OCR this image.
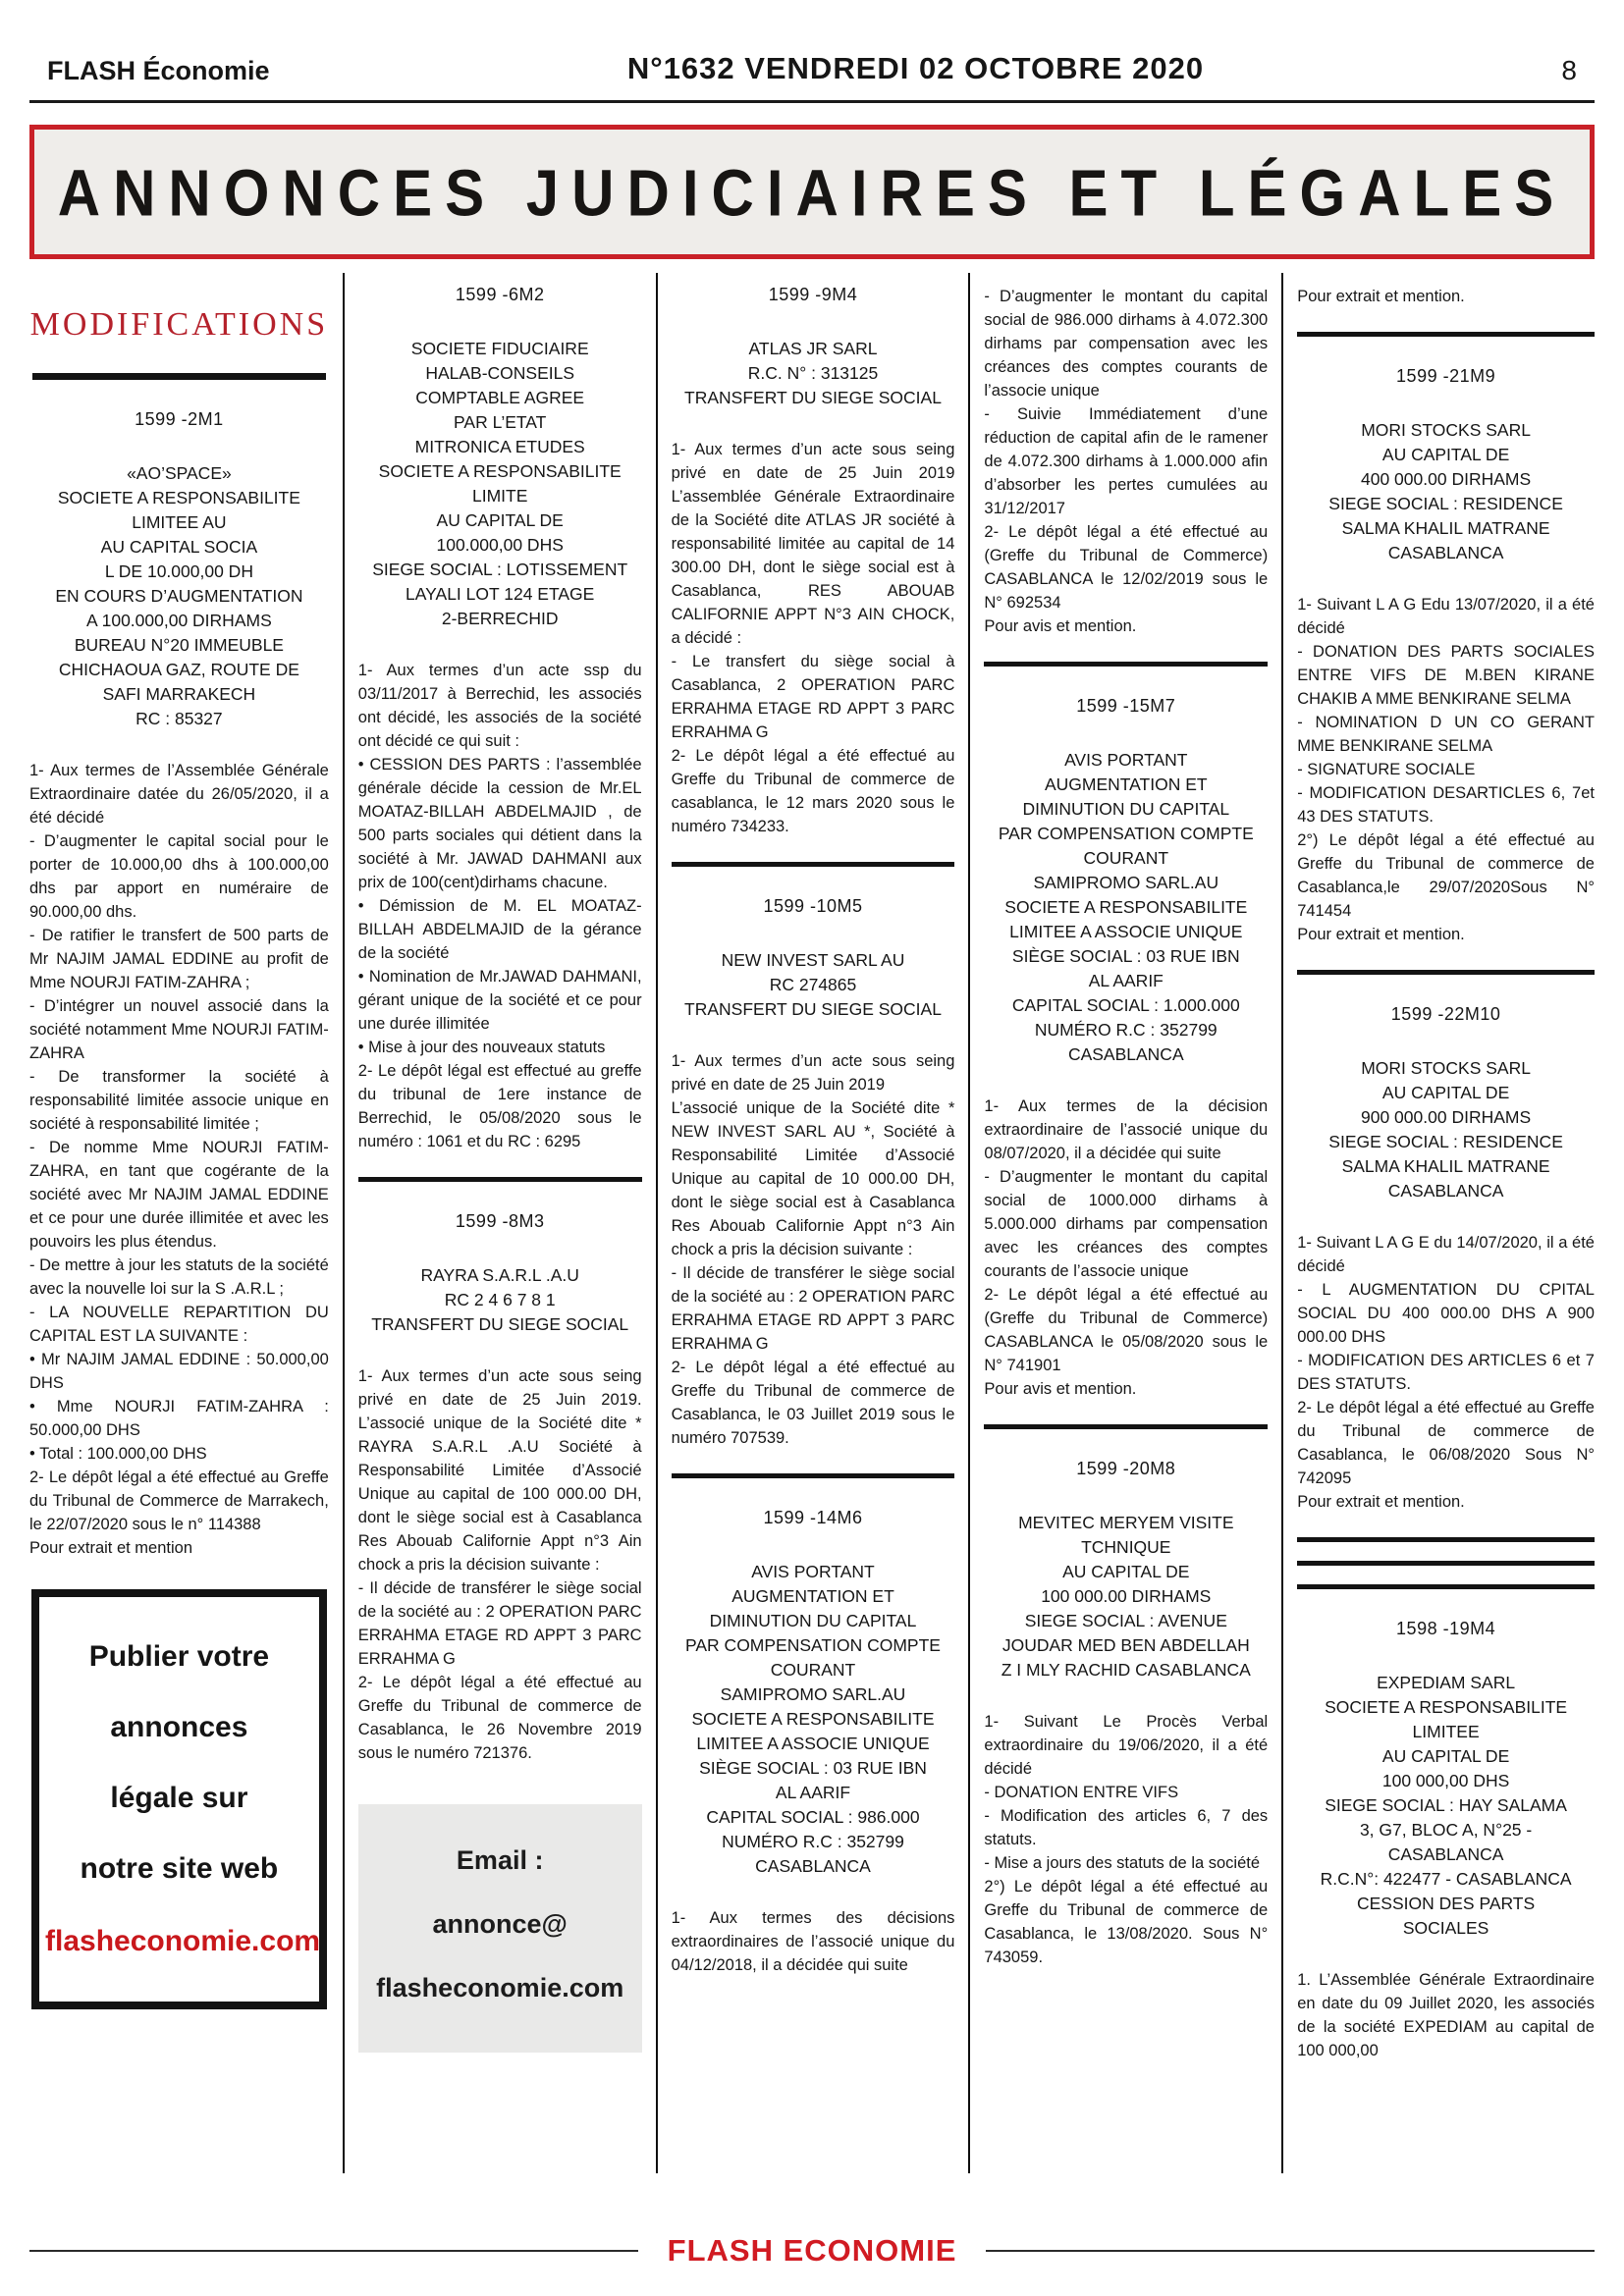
FLASH Économie	N°1632 VENDREDI 02 OCTOBRE 2020	8
ANNONCES JUDICIAIRES ET LÉGALES
MODIFICATIONS
1599 -2M1
«AO’SPACE»
SOCIETE A RESPONSABILITE
LIMITEE AU
AU CAPITAL SOCIA
L DE 10.000,00 DH
EN COURS D’AUGMENTATION
A 100.000,00 DIRHAMS
BUREAU N°20 IMMEUBLE
CHICHAOUA GAZ, ROUTE DE
SAFI MARRAKECH
RC : 85327

1- Aux termes de l’Assemblée Générale Extraordinaire datée du 26/05/2020, il a été décidé

- D’augmenter le capital social pour le porter de 10.000,00 dhs à 100.000,00 dhs par apport en numéraire de 90.000,00 dhs.

- De ratifier le transfert de 500 parts de Mr NAJIM JAMAL EDDINE au profit de Mme NOURJI FATIM-ZAHRA ;

- D’intégrer un nouvel associé dans la société notamment Mme NOURJI FATIM-ZAHRA

- De transformer la société à responsabilité limitée associe unique en société à responsabilité limitée ;

- De nomme Mme NOURJI FATIM-ZAHRA, en tant que cogérante de la société avec Mr NAJIM JAMAL EDDINE et ce pour une durée illimitée et avec les pouvoirs les plus étendus.

- De mettre à jour les statuts de la société avec la nouvelle loi sur la S .A.R.L ;

- LA NOUVELLE REPARTITION DU CAPITAL EST LA SUIVANTE :

• Mr NAJIM JAMAL EDDINE : 50.000,00 DHS

• Mme NOURJI FATIM-ZAHRA : 50.000,00 DHS

• Total : 100.000,00 DHS

2- Le dépôt légal a été effectué au Greffe du Tribunal de Commerce de Marrakech, le 22/07/2020 sous le n° 114388

Pour extrait et mention

Publier votre
annonces
légale sur
notre site web
flasheconomie.com
1599 -6M2
SOCIETE FIDUCIAIRE
HALAB-CONSEILS
COMPTABLE AGREE
PAR L’ETAT
MITRONICA ETUDES
SOCIETE A RESPONSABILITE
LIMITE
AU CAPITAL DE
100.000,00 DHS
SIEGE SOCIAL : LOTISSEMENT
LAYALI LOT 124 ETAGE
2-BERRECHID

1- Aux termes d’un acte ssp du 03/11/2017 à Berrechid, les associés ont décidé, les associés de la société ont décidé ce qui suit :

• CESSION DES PARTS : l’assemblée générale décide la cession de Mr.EL MOATAZ-BILLAH ABDELMAJID , de 500 parts sociales qui détient dans la société à Mr. JAWAD DAHMANI aux prix de 100(cent)dirhams chacune.

• Démission de M. EL MOATAZ-BILLAH ABDELMAJID de la gérance de la société

• Nomination de Mr.JAWAD DAHMANI, gérant unique de la société et ce pour une durée illimitée

• Mise à jour des nouveaux statuts

2- Le dépôt légal est effectué au greffe du tribunal de 1ere instance de Berrechid, le 05/08/2020 sous le numéro : 1061 et du RC : 6295

1599 -8M3
RAYRA S.A.R.L .A.U
RC 2 4 6 7 8 1
TRANSFERT DU SIEGE SOCIAL

1- Aux termes d’un acte sous seing privé en date de 25 Juin 2019. L’associé unique de la Société dite * RAYRA S.A.R.L .A.U Société à Responsabilité Limitée d’Associé Unique au capital de 100 000.00 DH, dont le siège social est à Casablanca Res Abouab Californie Appt n°3 Ain chock a pris la décision suivante :

- Il décide de transférer le siège social de la société au : 2 OPERATION PARC ERRAHMA ETAGE RD APPT 3 PARC ERRAHMA G

2- Le dépôt légal a été effectué au Greffe du Tribunal de commerce de Casablanca, le 26 Novembre 2019 sous le numéro 721376.

Email :
annonce@
flasheconomie.com
1599 -9M4
ATLAS JR SARL
R.C. N° : 313125
TRANSFERT DU SIEGE SOCIAL

1- Aux termes d’un acte sous seing privé en date de 25 Juin 2019 L’assemblée Générale Extraordinaire de la Société dite ATLAS JR société à responsabilité limitée au capital de 14 300.00 DH, dont le siège social est à Casablanca, RES ABOUAB CALIFORNIE APPT N°3 AIN CHOCK, a décidé :

- Le transfert du siège social à Casablanca, 2 OPERATION PARC ERRAHMA ETAGE RD APPT 3 PARC ERRAHMA G

2- Le dépôt légal a été effectué au Greffe du Tribunal de commerce de casablanca, le 12 mars 2020 sous le numéro 734233.

1599 -10M5
NEW INVEST SARL AU
RC 274865
TRANSFERT DU SIEGE SOCIAL

1- Aux termes d’un acte sous seing privé en date de 25 Juin 2019

L’associé unique de la Société dite * NEW INVEST SARL AU *, Société à Responsabilité Limitée d’Associé Unique au capital de 10 000.00 DH, dont le siège social est à Casablanca Res Abouab Californie Appt n°3 Ain chock a pris la décision suivante :

- Il décide de transférer le siège social de la société au : 2 OPERATION PARC ERRAHMA ETAGE RD APPT 3 PARC ERRAHMA G

2- Le dépôt légal a été effectué au Greffe du Tribunal de commerce de Casablanca, le 03 Juillet 2019 sous le numéro 707539.

1599 -14M6
AVIS PORTANT
AUGMENTATION ET
DIMINUTION DU CAPITAL
PAR COMPENSATION COMPTE
COURANT
SAMIPROMO SARL.AU
SOCIETE A RESPONSABILITE
LIMITEE A ASSOCIE UNIQUE
SIÈGE SOCIAL : 03 RUE IBN
AL AARIF
CAPITAL SOCIAL : 986.000
NUMÉRO R.C : 352799
CASABLANCA

1- Aux termes des décisions extraordinaires de l’associé unique du 04/12/2018, il a décidée qui suite

- D’augmenter le montant du capital social de 986.000 dirhams à 4.072.300 dirhams par compensation avec les créances des comptes courants de l’associe unique

- Suivie Immédiatement d’une réduction de capital afin de le ramener de 4.072.300 dirhams à 1.000.000 afin d’absorber les pertes cumulées au 31/12/2017

2- Le dépôt légal a été effectué au (Greffe du Tribunal de Commerce) CASABLANCA le 12/02/2019 sous le N° 692534

Pour avis et mention.

1599 -15M7
AVIS PORTANT
AUGMENTATION ET
DIMINUTION DU CAPITAL
PAR COMPENSATION COMPTE
COURANT
SAMIPROMO SARL.AU
SOCIETE A RESPONSABILITE
LIMITEE A ASSOCIE UNIQUE
SIÈGE SOCIAL : 03 RUE IBN
AL AARIF
CAPITAL SOCIAL : 1.000.000
NUMÉRO R.C : 352799
CASABLANCA

1- Aux termes de la décision extraordinaire de l’associé unique du 08/07/2020, il a décidée qui suite

- D’augmenter le montant du capital social de 1000.000 dirhams à 5.000.000 dirhams par compensation avec les créances des comptes courants de l’associe unique

2- Le dépôt légal a été effectué au (Greffe du Tribunal de Commerce) CASABLANCA le 05/08/2020 sous le N° 741901

Pour avis et mention.

1599 -20M8
MEVITEC MERYEM VISITE
TCHNIQUE
AU CAPITAL DE
100 000.00 DIRHAMS
SIEGE SOCIAL : AVENUE
JOUDAR MED BEN ABDELLAH
Z I MLY RACHID CASABLANCA

1- Suivant Le Procès Verbal extraordinaire du 19/06/2020, il a été décidé

- DONATION ENTRE VIFS

- Modification des articles 6, 7 des statuts.

- Mise a jours des statuts de la société

2°) Le dépôt légal a été effectué au Greffe du Tribunal de commerce de Casablanca, le 13/08/2020. Sous N° 743059.

Pour extrait et mention.

1599 -21M9
MORI STOCKS SARL
AU CAPITAL DE
400 000.00 DIRHAMS
SIEGE SOCIAL : RESIDENCE
SALMA KHALIL MATRANE
CASABLANCA

1- Suivant L A G Edu 13/07/2020, il a été décidé

- DONATION DES PARTS SOCIALES ENTRE VIFS DE M.BEN KIRANE CHAKIB A MME BENKIRANE SELMA

- NOMINATION D UN CO GERANT MME BENKIRANE SELMA

- SIGNATURE SOCIALE

- MODIFICATION DESARTICLES 6, 7et 43 DES STATUTS.

2°) Le dépôt légal a été effectué au Greffe du Tribunal de commerce de Casablanca,le 29/07/2020Sous N° 741454

Pour extrait et mention.

1599 -22M10
MORI STOCKS SARL
AU CAPITAL DE
900 000.00 DIRHAMS
SIEGE SOCIAL : RESIDENCE
SALMA KHALIL MATRANE
CASABLANCA

1- Suivant L A G E du 14/07/2020, il a été décidé

- L AUGMENTATION DU CPITAL SOCIAL DU 400 000.00 DHS A 900 000.00 DHS

- MODIFICATION DES ARTICLES 6 et 7 DES STATUTS.

2- Le dépôt légal a été effectué au Greffe du Tribunal de commerce de Casablanca, le 06/08/2020 Sous N° 742095

Pour extrait et mention.

1598 -19M4
EXPEDIAM SARL
SOCIETE A RESPONSABILITE
LIMITEE
AU CAPITAL DE
100 000,00 DHS
SIEGE SOCIAL : HAY SALAMA
3, G7, BLOC A, N°25 -
CASABLANCA
R.C.N°: 422477 - CASABLANCA
CESSION DES PARTS
SOCIALES

1. L’Assemblée Générale Extraordinaire en date du 09 Juillet 2020, les associés de la société EXPEDIAM au capital de 100 000,00

FLASH ECONOMIE
